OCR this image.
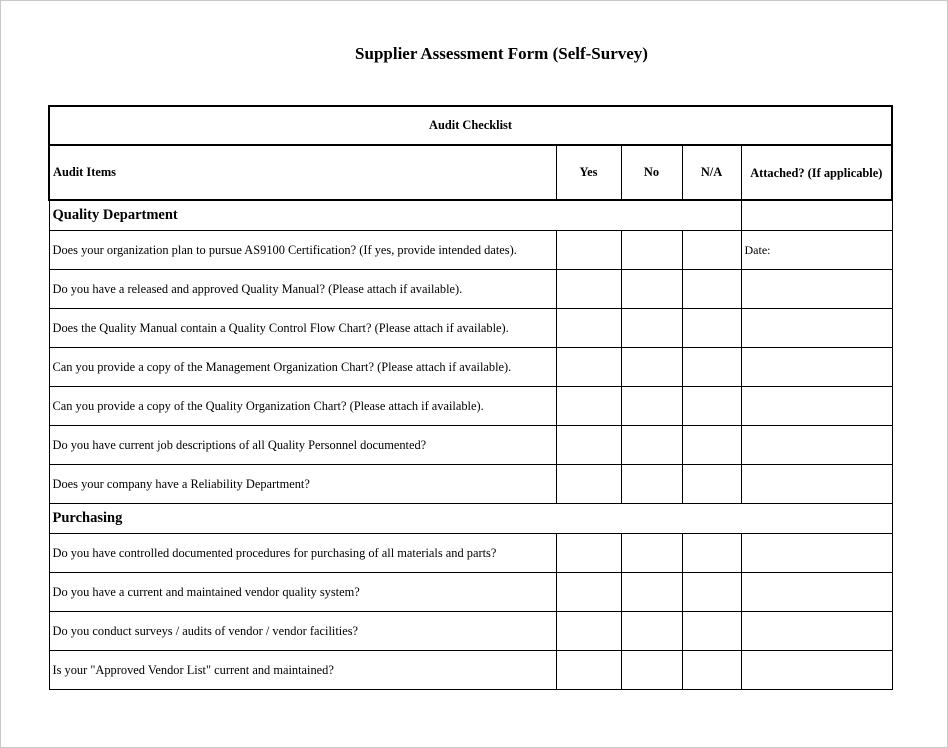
Supplier Assessment Form (Self-Survey)
Audit Checklist				
Audit Items	Yes	No	N/A	Attached? (If applicable)
Quality Department				
Does your organization plan to pursue AS9100 Certification? (If yes, provide intended dates).				Date:
Do you have a released and approved Quality Manual? (Please attach if available).				
Does the Quality Manual contain a Quality Control Flow Chart? (Please attach if available).				
Can you provide a copy of the Management Organization Chart? (Please attach if available).				
Can you provide a copy of the Quality Organization Chart? (Please attach if available).				
Do you have current job descriptions of all Quality Personnel documented?				
Does your company have a Reliability Department?				
Purchasing				
Do you have controlled documented procedures for purchasing of all materials and parts?				
Do you have a current and maintained vendor quality system?				
Do you conduct surveys / audits of vendor / vendor facilities?				
Is your "Approved Vendor List" current and maintained?				
